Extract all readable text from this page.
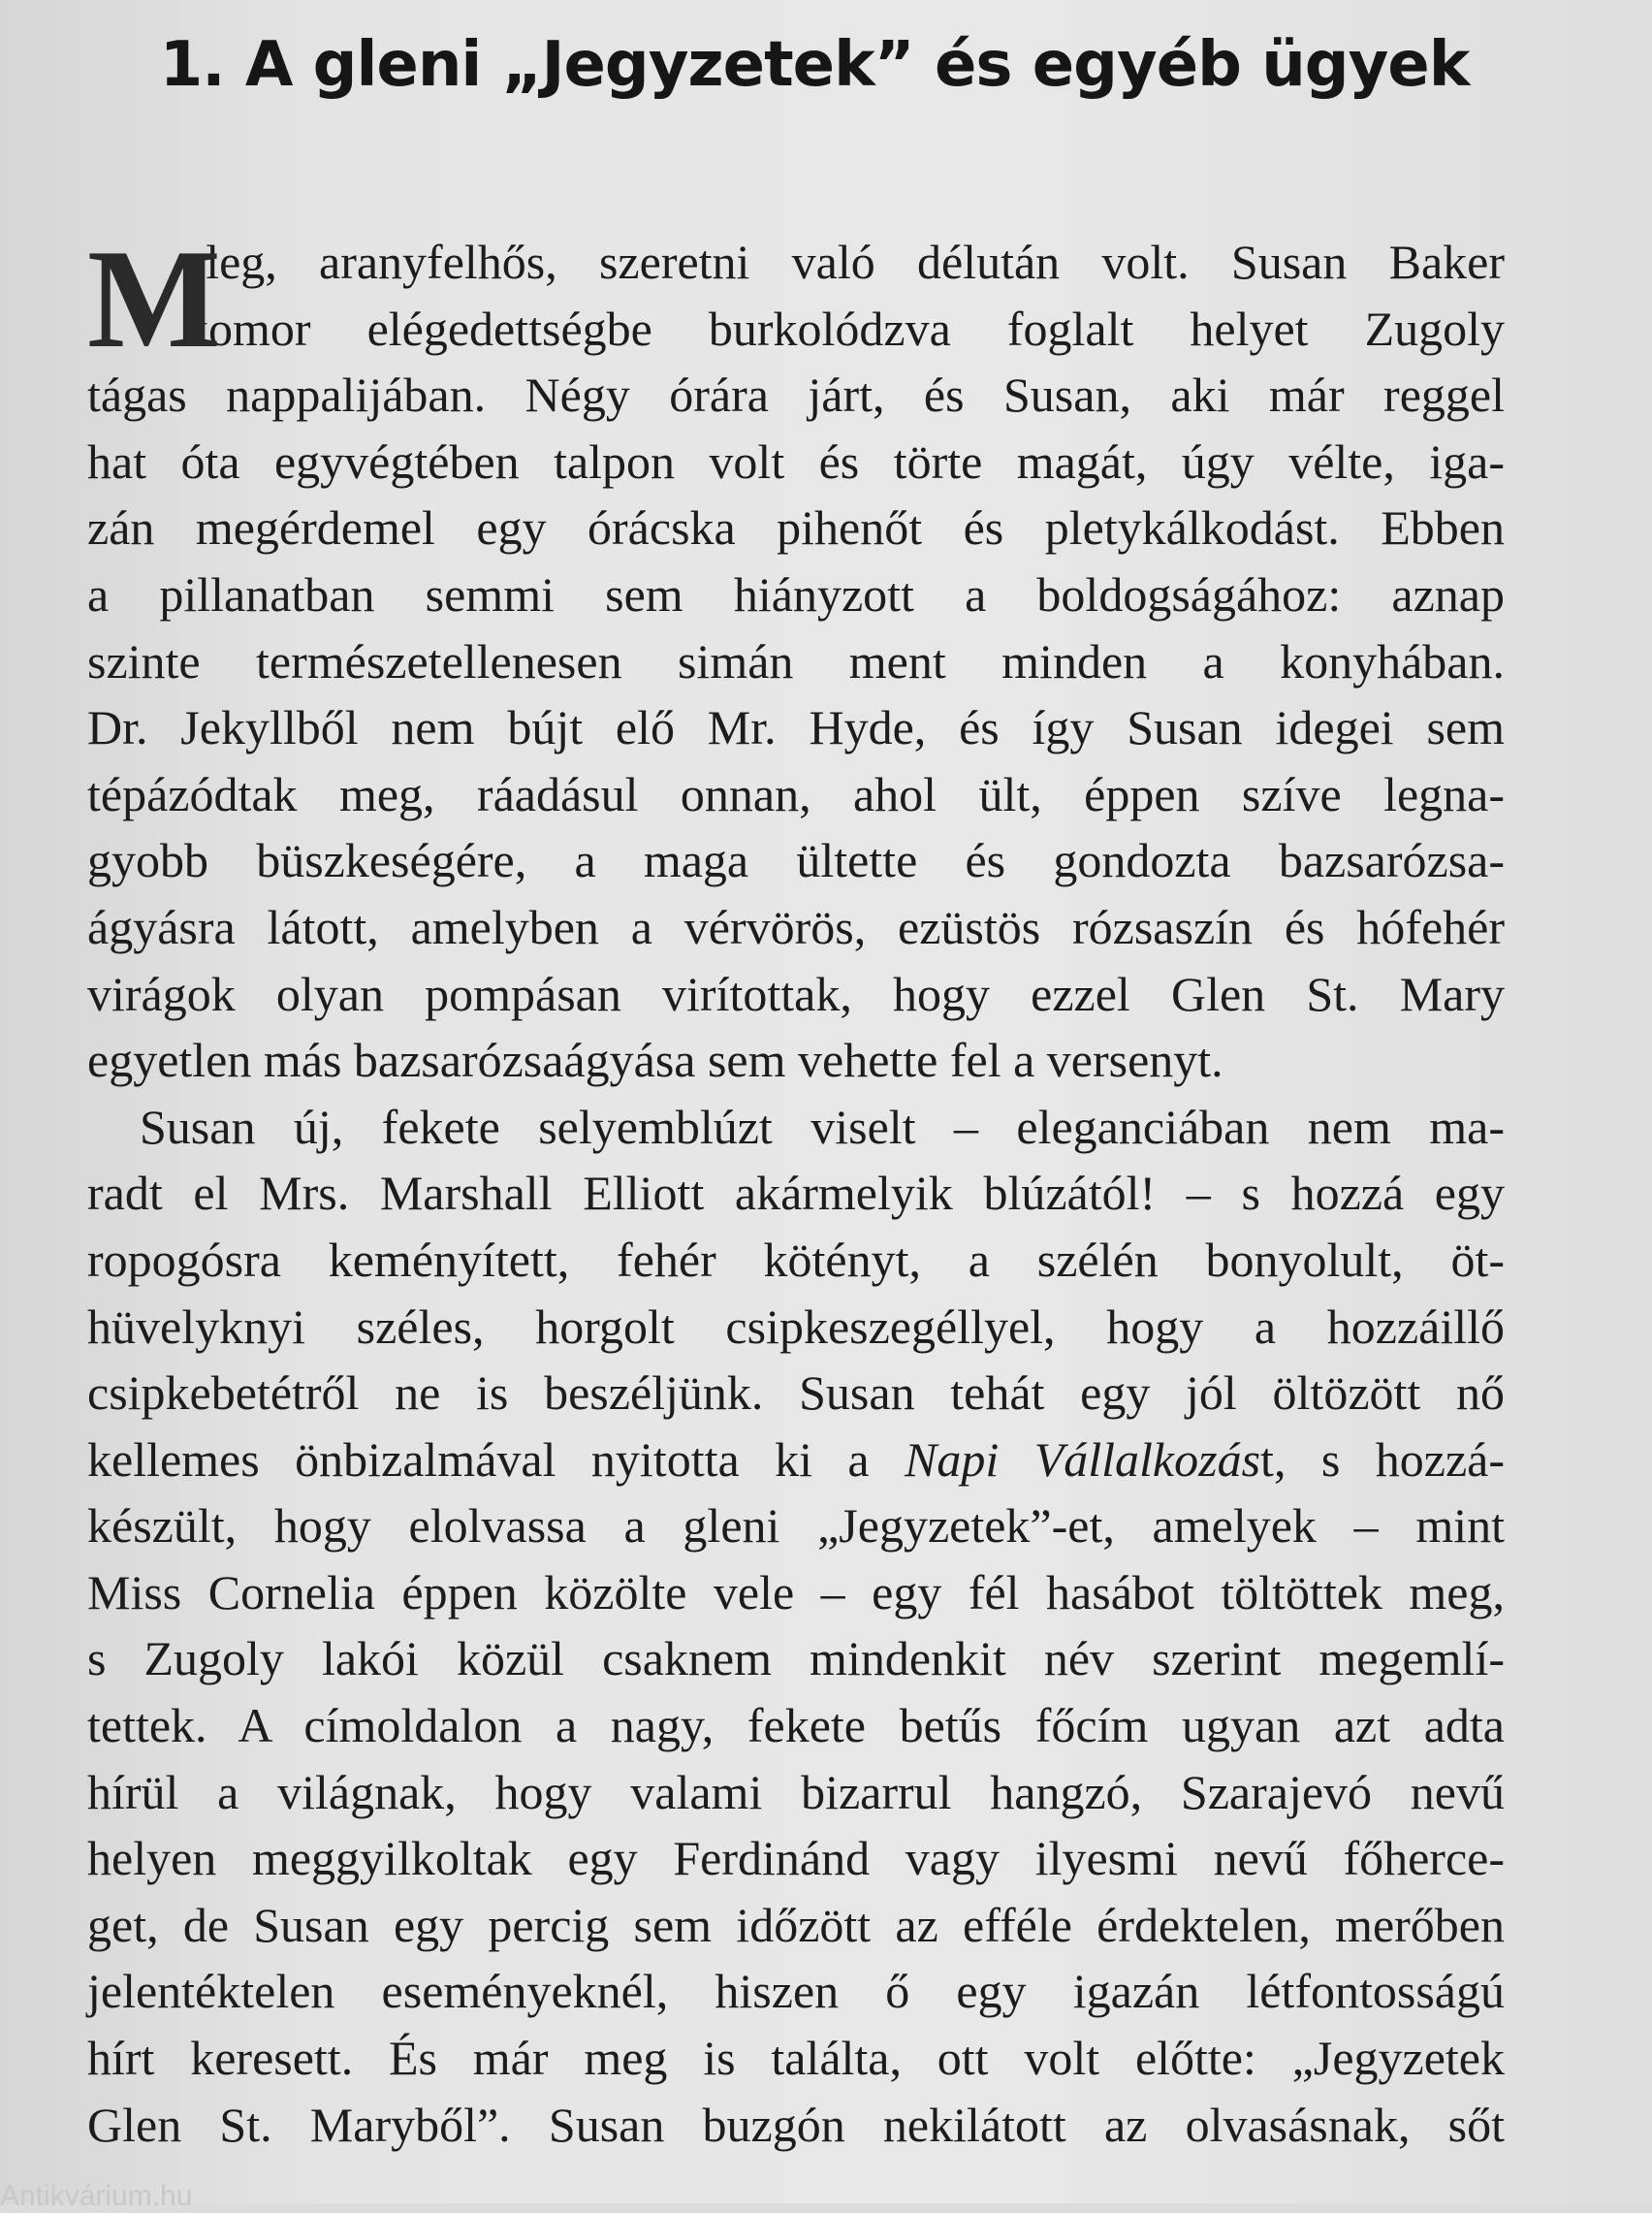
1. A gleni „Jegyzetek” és egyéb ügyek
M
eleg, aranyfelhős, szeretni való délután volt. Susan Baker
komor elégedettségbe burkolódzva foglalt helyet Zugoly
tágas nappalijában. Négy órára járt, és Susan, aki már reggel
hat óta egyvégtében talpon volt és törte magát, úgy vélte, iga-
zán megérdemel egy órácska pihenőt és pletykálkodást. Ebben
a pillanatban semmi sem hiányzott a boldogságához: aznap
szinte természetellenesen simán ment minden a konyhában.
Dr. Jekyllből nem bújt elő Mr. Hyde, és így Susan idegei sem
tépázódtak meg, ráadásul onnan, ahol ült, éppen szíve legna-
gyobb büszkeségére, a maga ültette és gondozta bazsarózsa-
ágyásra látott, amelyben a vérvörös, ezüstös rózsaszín és hófehér
virágok olyan pompásan virítottak, hogy ezzel Glen St. Mary
egyetlen más bazsarózsaágyása sem vehette fel a versenyt.
Susan új, fekete selyemblúzt viselt – eleganciában nem ma-
radt el Mrs. Marshall Elliott akármelyik blúzától! – s hozzá egy
ropogósra keményített, fehér kötényt, a szélén bonyolult, öt-
hüvelyknyi széles, horgolt csipkeszegéllyel, hogy a hozzáillő
csipkebetétről ne is beszéljünk. Susan tehát egy jól öltözött nő
kellemes önbizalmával nyitotta ki a Napi Vállalkozást, s hozzá-
készült, hogy elolvassa a gleni „Jegyzetek”-et, amelyek – mint
Miss Cornelia éppen közölte vele – egy fél hasábot töltöttek meg,
s Zugoly lakói közül csaknem mindenkit név szerint megemlí-
tettek. A címoldalon a nagy, fekete betűs főcím ugyan azt adta
hírül a világnak, hogy valami bizarrul hangzó, Szarajevó nevű
helyen meggyilkoltak egy Ferdinánd vagy ilyesmi nevű főherce-
get, de Susan egy percig sem időzött az efféle érdektelen, merőben
jelentéktelen eseményeknél, hiszen ő egy igazán létfontosságú
hírt keresett. És már meg is találta, ott volt előtte: „Jegyzetek
Glen St. Maryből”. Susan buzgón nekilátott az olvasásnak, sőt
Antikvárium.hu
